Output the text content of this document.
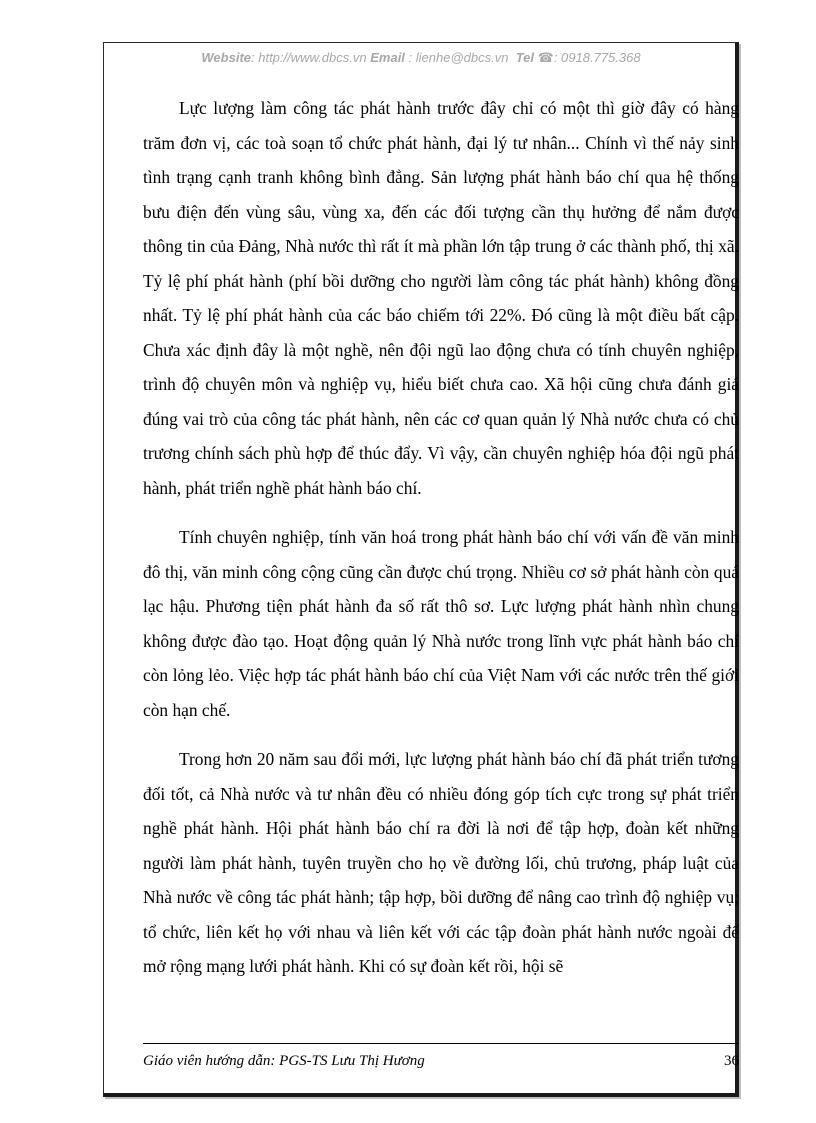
Website: http://www.dbcs.vn Email : lienhe@dbcs.vn Tel ☎: 0918.775.368

Lực lượng làm công tác phát hành trước đây chỉ có một thì giờ đây có hàng trăm đơn vị, các toà soạn tổ chức phát hành, đại lý tư nhân... Chính vì thế nảy sinh tình trạng cạnh tranh không bình đẳng. Sản lượng phát hành báo chí qua hệ thống bưu điện đến vùng sâu, vùng xa, đến các đối tượng cần thụ hưởng để nắm được thông tin của Đảng, Nhà nước thì rất ít mà phần lớn tập trung ở các thành phố, thị xã. Tỷ lệ phí phát hành (phí bồi dưỡng cho người làm công tác phát hành) không đồng nhất. Tỷ lệ phí phát hành của các báo chiếm tới 22%. Đó cũng là một điều bất cập. Chưa xác định đây là một nghề, nên đội ngũ lao động chưa có tính chuyên nghiệp, trình độ chuyên môn và nghiệp vụ, hiểu biết chưa cao. Xã hội cũng chưa đánh giá đúng vai trò của công tác phát hành, nên các cơ quan quản lý Nhà nước chưa có chủ trương chính sách phù hợp để thúc đẩy. Vì vậy, cần chuyên nghiệp hóa đội ngũ phát hành, phát triển nghề phát hành báo chí.

Tính chuyên nghiệp, tính văn hoá trong phát hành báo chí với vấn đề văn minh đô thị, văn minh công cộng cũng cần được chú trọng. Nhiều cơ sở phát hành còn quá lạc hậu. Phương tiện phát hành đa số rất thô sơ. Lực lượng phát hành nhìn chung không được đào tạo. Hoạt động quản lý Nhà nước trong lĩnh vực phát hành báo chí còn lỏng lẻo. Việc hợp tác phát hành báo chí của Việt Nam với các nước trên thế giới còn hạn chế.

Trong hơn 20 năm sau đổi mới, lực lượng phát hành báo chí đã phát triển tương đối tốt, cả Nhà nước và tư nhân đều có nhiều đóng góp tích cực trong sự phát triển nghề phát hành. Hội phát hành báo chí ra đời là nơi để tập hợp, đoàn kết những người làm phát hành, tuyên truyền cho họ về đường lối, chủ trương, pháp luật của Nhà nước về công tác phát hành; tập hợp, bồi dưỡng để nâng cao trình độ nghiệp vụ; tổ chức, liên kết họ với nhau và liên kết với các tập đoàn phát hành nước ngoài để mở rộng mạng lưới phát hành. Khi có sự đoàn kết rồi, hội sẽ

Giáo viên hướng dẫn: PGS-TS Lưu Thị Hương	36
